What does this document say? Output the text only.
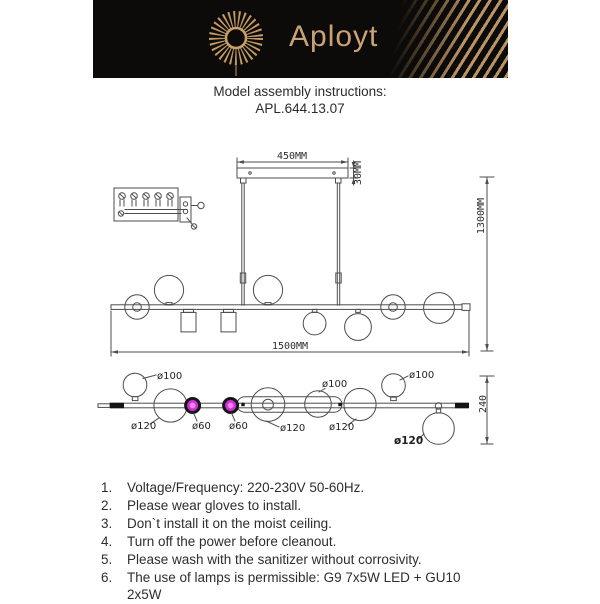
Aployt
Model assembly instructions:
APL.644.13.07
450MM
30MM
1300MM
1500MM
240
ø100
ø120	ø60 ø60	ø120
ø100
ø120
ø100
ø120
1. Voltage/Frequency: 220-230V 50-60Hz.
2. Please wear gloves to install.
3. Don`t install it on the moist ceiling.
4. Turn off the power before cleanout.
5. Please wash with the sanitizer without corrosivity.
6. The use of lamps is permissible: G9 7x5W LED + GU10 2x5W
